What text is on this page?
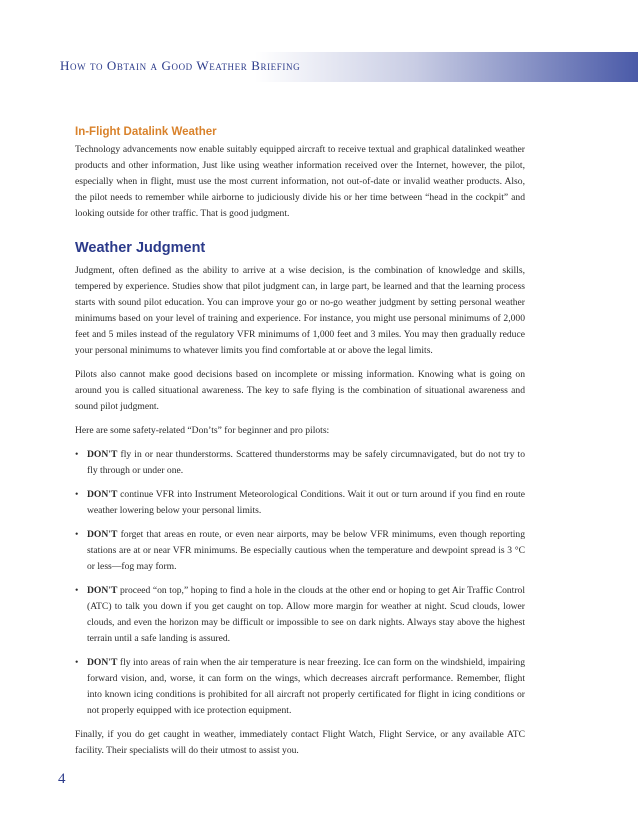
How to Obtain a Good Weather Briefing
In-Flight Datalink Weather

Technology advancements now enable suitably equipped aircraft to receive textual and graphical datalinked weather products and other information, Just like using weather information received over the Internet, however, the pilot, especially when in flight, must use the most current information, not out-of-date or invalid weather products. Also, the pilot needs to remember while airborne to judiciously divide his or her time between “head in the cockpit” and looking outside for other traffic. That is good judgment.

Weather Judgment

Judgment, often defined as the ability to arrive at a wise decision, is the combination of knowledge and skills, tempered by experience. Studies show that pilot judgment can, in large part, be learned and that the learning process starts with sound pilot education. You can improve your go or no-go weather judgment by setting personal weather minimums based on your level of training and experience. For instance, you might use personal minimums of 2,000 feet and 5 miles instead of the regulatory VFR minimums of 1,000 feet and 3 miles. You may then gradually reduce your personal minimums to whatever limits you find comfortable at or above the legal limits.

Pilots also cannot make good decisions based on incomplete or missing information. Knowing what is going on around you is called situational awareness. The key to safe flying is the combination of situational awareness and sound pilot judgment.

Here are some safety-related “Don’ts” for beginner and pro pilots:

• DON'T fly in or near thunderstorms. Scattered thunderstorms may be safely circumnavigated, but do not try to fly through or under one.
• DON'T continue VFR into Instrument Meteorological Conditions. Wait it out or turn around if you find en route weather lowering below your personal limits.
• DON'T forget that areas en route, or even near airports, may be below VFR minimums, even though reporting stations are at or near VFR minimums. Be especially cautious when the temperature and dewpoint spread is 3 °C or less—fog may form.
• DON'T proceed “on top,” hoping to find a hole in the clouds at the other end or hoping to get Air Traffic Control (ATC) to talk you down if you get caught on top. Allow more margin for weather at night. Scud clouds, lower clouds, and even the horizon may be difficult or impossible to see on dark nights. Always stay above the highest terrain until a safe landing is assured.
• DON'T fly into areas of rain when the air temperature is near freezing. Ice can form on the windshield, impairing forward vision, and, worse, it can form on the wings, which decreases aircraft performance. Remember, flight into known icing conditions is prohibited for all aircraft not properly certificated for flight in icing conditions or not properly equipped with ice protection equipment.

Finally, if you do get caught in weather, immediately contact Flight Watch, Flight Service, or any available ATC facility. Their specialists will do their utmost to assist you.

4
